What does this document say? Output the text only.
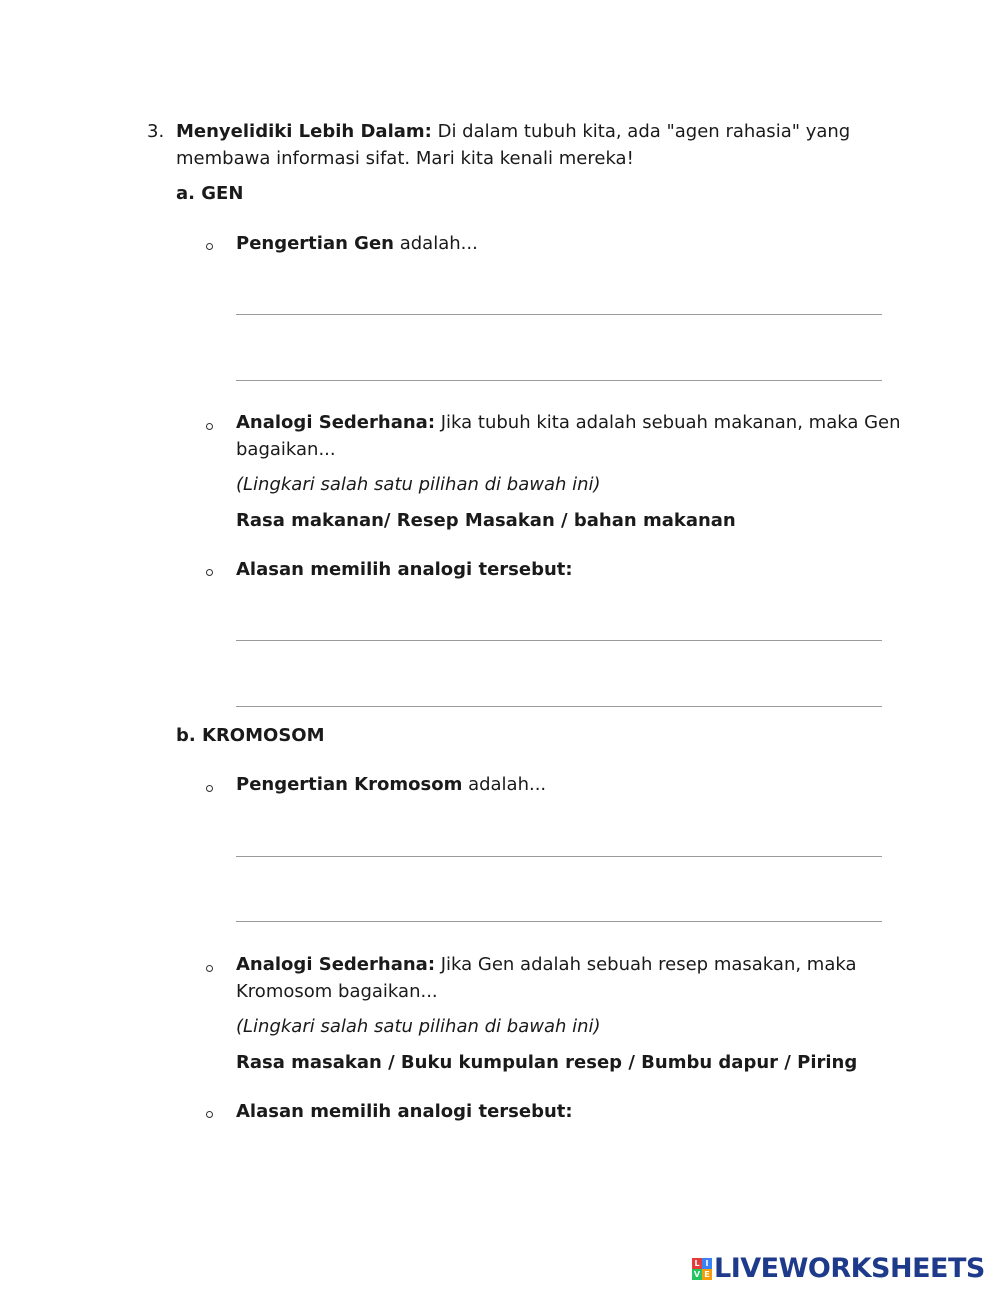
3. Menyelidiki Lebih Dalam: Di dalam tubuh kita, ada "agen rahasia" yang
membawa informasi sifat. Mari kita kenali mereka!
a. GEN
Pengertian Gen adalah...
Analogi Sederhana: Jika tubuh kita adalah sebuah makanan, maka Gen
bagaikan...
(Lingkari salah satu pilihan di bawah ini)
Rasa makanan/ Resep Masakan / bahan makanan
Alasan memilih analogi tersebut:
b. KROMOSOM
Pengertian Kromosom adalah...
Analogi Sederhana: Jika Gen adalah sebuah resep masakan, maka
Kromosom bagaikan...
(Lingkari salah satu pilihan di bawah ini)
Rasa masakan / Buku kumpulan resep / Bumbu dapur / Piring
Alasan memilih analogi tersebut:
L I
V E LIVEWORKSHEETS
